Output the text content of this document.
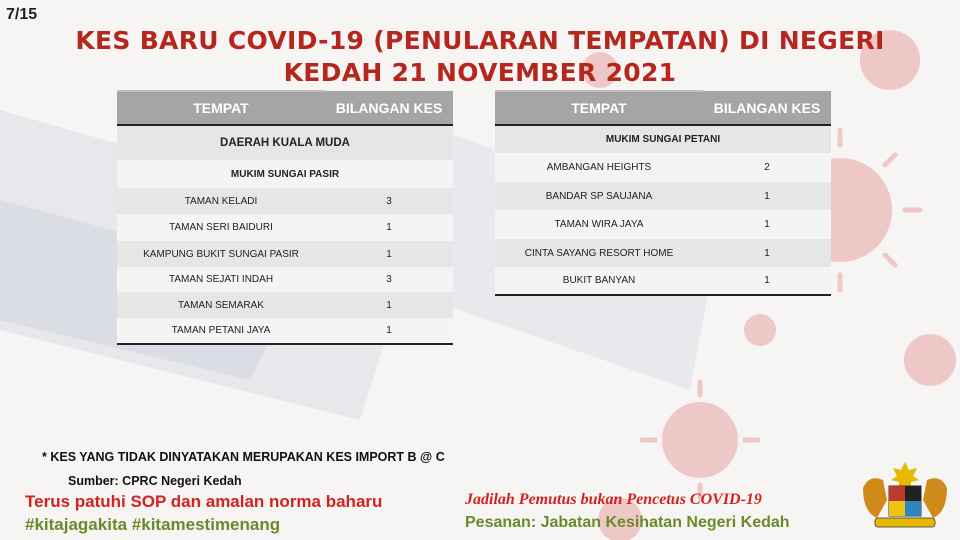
7/15
KES BARU COVID-19 (PENULARAN TEMPATAN) DI NEGERI
KEDAH 21 NOVEMBER 2021
TEMPAT	BILANGAN KES
DAERAH KUALA MUDA	
MUKIM SUNGAI PASIR	
TAMAN KELADI	3
TAMAN SERI BAIDURI	1
KAMPUNG BUKIT SUNGAI PASIR	1
TAMAN SEJATI INDAH	3
TAMAN SEMARAK	1
TAMAN PETANI JAYA	1
TEMPAT	BILANGAN KES
MUKIM SUNGAI PETANI	
AMBANGAN HEIGHTS	2
BANDAR SP SAUJANA	1
TAMAN WIRA JAYA	1
CINTA SAYANG RESORT HOME	1
BUKIT BANYAN	1
* KES YANG TIDAK DINYATAKAN MERUPAKAN KES IMPORT B @ C
Sumber: CPRC Negeri Kedah
Terus patuhi SOP dan amalan norma baharu
#kitajagakita #kitamestimenang
Jadilah Pemutus bukan Pencetus COVID-19
Pesanan: Jabatan Kesihatan Negeri Kedah
